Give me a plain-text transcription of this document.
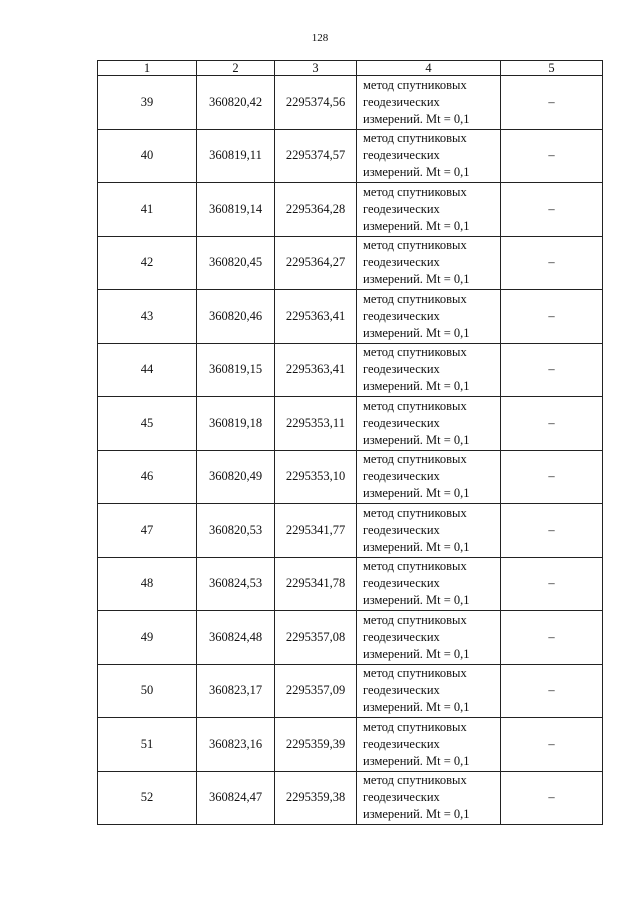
128
1	2	3	4	5
39	360820,42	2295374,56	метод спутниковых
геодезических
измерений. Mt = 0,1	–
40	360819,11	2295374,57	метод спутниковых
геодезических
измерений. Mt = 0,1	–
41	360819,14	2295364,28	метод спутниковых
геодезических
измерений. Mt = 0,1	–
42	360820,45	2295364,27	метод спутниковых
геодезических
измерений. Mt = 0,1	–
43	360820,46	2295363,41	метод спутниковых
геодезических
измерений. Mt = 0,1	–
44	360819,15	2295363,41	метод спутниковых
геодезических
измерений. Mt = 0,1	–
45	360819,18	2295353,11	метод спутниковых
геодезических
измерений. Mt = 0,1	–
46	360820,49	2295353,10	метод спутниковых
геодезических
измерений. Mt = 0,1	–
47	360820,53	2295341,77	метод спутниковых
геодезических
измерений. Mt = 0,1	–
48	360824,53	2295341,78	метод спутниковых
геодезических
измерений. Mt = 0,1	–
49	360824,48	2295357,08	метод спутниковых
геодезических
измерений. Mt = 0,1	–
50	360823,17	2295357,09	метод спутниковых
геодезических
измерений. Mt = 0,1	–
51	360823,16	2295359,39	метод спутниковых
геодезических
измерений. Mt = 0,1	–
52	360824,47	2295359,38	метод спутниковых
геодезических
измерений. Mt = 0,1	–
